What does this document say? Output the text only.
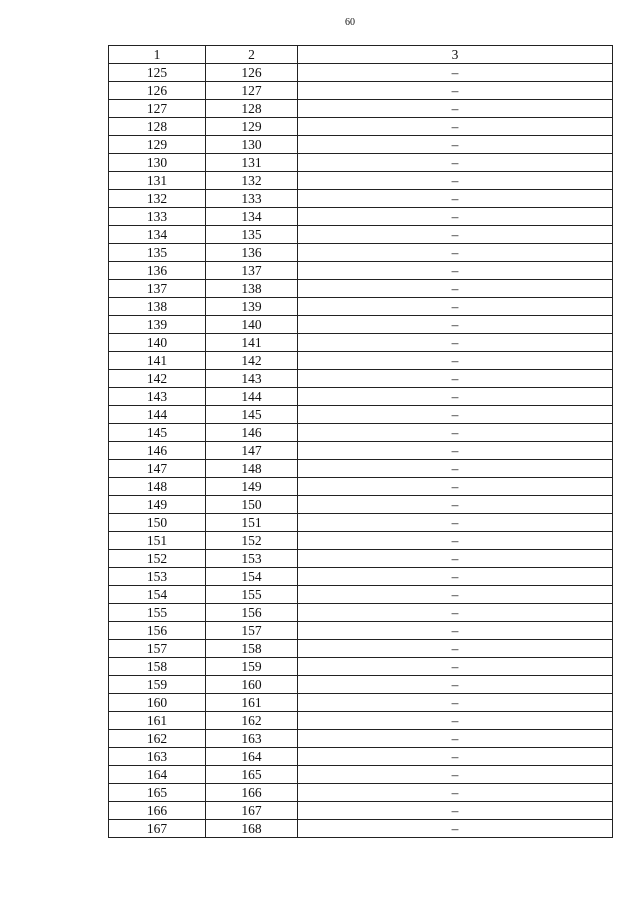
60
1	2	3
125	126	–
126	127	–
127	128	–
128	129	–
129	130	–
130	131	–
131	132	–
132	133	–
133	134	–
134	135	–
135	136	–
136	137	–
137	138	–
138	139	–
139	140	–
140	141	–
141	142	–
142	143	–
143	144	–
144	145	–
145	146	–
146	147	–
147	148	–
148	149	–
149	150	–
150	151	–
151	152	–
152	153	–
153	154	–
154	155	–
155	156	–
156	157	–
157	158	–
158	159	–
159	160	–
160	161	–
161	162	–
162	163	–
163	164	–
164	165	–
165	166	–
166	167	–
167	168	–
